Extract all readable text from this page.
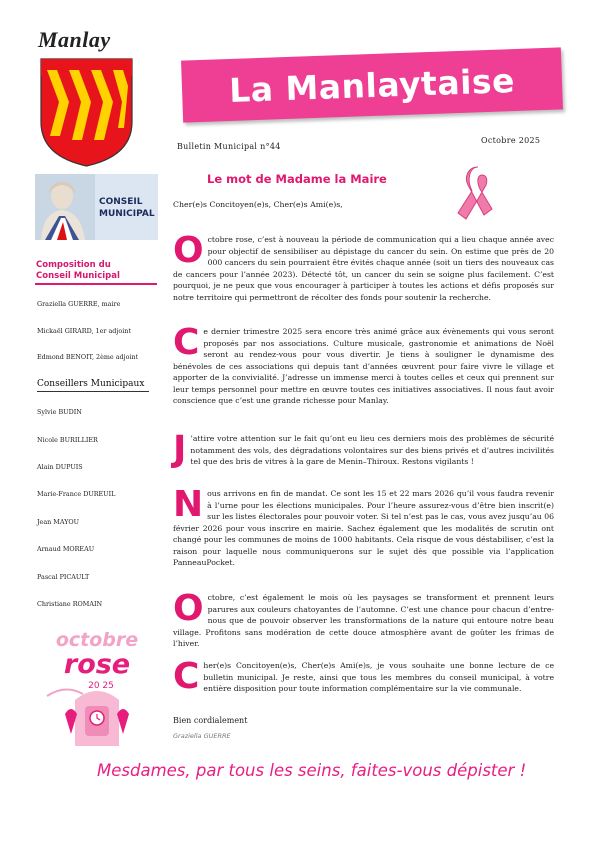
Manlay
La Manlaytaise
Bulletin Municipal n°44
Octobre 2025
CONSEIL
MUNICIPAL
Composition du Conseil Municipal
Graziella GUERRE, maire
Mickaël GIRARD, 1er adjoint
Edmond BENOIT, 2ème adjoint
Conseillers Municipaux
Sylvie BUDIN
Nicole BURILLIER
Alain DUPUIS
Marie-France DUREUIL
Jean MAYOU
Arnaud MOREAU
Pascal PICAULT
Christiane ROMAIN
octobre
rose
20 25
Le mot de Madame la Maire
Cher(e)s Concitoyen(e)s, Cher(e)s Ami(e)s,
Octobre rose, c’est à nouveau la période de communication qui a lieu chaque année avec pour objectif de sensibiliser au dépistage du cancer du sein. On estime que près de 20 000 cancers du sein pourraient être évités chaque année (soit un tiers des nouveaux cas de cancers pour l’année 2023). Détecté tôt, un cancer du sein se soigne plus facilement. C’est pourquoi, je ne peux que vous encourager à participer à toutes les actions et défis proposés sur notre territoire qui permettront de récolter des fonds pour soutenir la recherche.
Ce dernier trimestre 2025 sera encore très animé grâce aux évènements qui vous seront proposés par nos associations. Culture musicale, gastronomie et animations de Noël seront au rendez-vous pour vous divertir. Je tiens à souligner le dynamisme des bénévoles de ces associations qui depuis tant d’années œuvrent pour faire vivre le village et apporter de la convivialité. J’adresse un immense merci à toutes celles et ceux qui prennent sur leur temps personnel pour mettre en œuvre toutes ces initiatives associatives. Il nous faut avoir conscience que c’est une grande richesse pour Manlay.
J ’attire votre attention sur le fait qu’ont eu lieu ces derniers mois des problèmes de sécurité notamment des vols, des dégradations volontaires sur des biens privés et d’autres incivilités tel que des bris de vitres à la gare de Menin–Thiroux. Restons vigilants !
Nous arrivons en fin de mandat. Ce sont les 15 et 22 mars 2026 qu’il vous faudra revenir à l’urne pour les élections municipales. Pour l’heure assurez-vous d’être bien inscrit(e) sur les listes électorales pour pouvoir voter. Si tel n’est pas le cas, vous avez jusqu’au 06 février 2026 pour vous inscrire en mairie. Sachez également que les modalités de scrutin ont changé pour les communes de moins de 1000 habitants. Cela risque de vous déstabiliser, c’est la raison pour laquelle nous communiquerons sur le sujet dès que possible via l’application PanneauPocket.
Octobre, c’est également le mois où les paysages se transforment et prennent leurs parures aux couleurs chatoyantes de l’automne. C’est une chance pour chacun d’entre-nous que de pouvoir observer les transformations de la nature qui entoure notre beau village. Profitons sans modération de cette douce atmosphère avant de goûter les frimas de l’hiver.
Cher(e)s Concitoyen(e)s, Cher(e)s Ami(e)s, je vous souhaite une bonne lecture de ce bulletin municipal. Je reste, ainsi que tous les membres du conseil municipal, à votre entière disposition pour toute information complémentaire sur la vie communale.
Bien cordialement
Graziella GUERRE
Mesdames, par tous les seins, faites-vous dépister !
